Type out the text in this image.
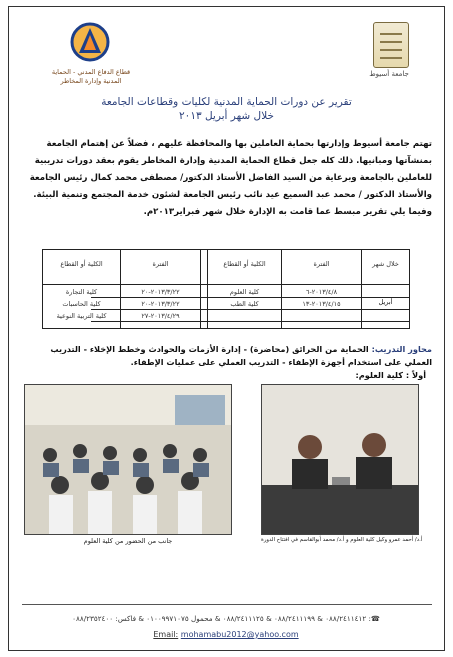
قطاع الدفاع المدني - الحماية
المدنية وإدارة المخاطر
جامعة أسيوط
تقرير عن دورات الحماية المدنية لكليات وقطاعات الجامعة
خلال شهر أبريل ٢٠١٣
تهتم جامعة أسيوط وإدارتها بحماية العاملين بها والمحافظة عليهم ، فضلاً عن إهتمام الجامعة بمنشآتها ومبانيها. ذلك كله جعل قطاع الحماية المدنية وإدارة المخاطر يقوم بعقد دورات تدريبية للعاملين بالجامعة وبرعاية من السيد الفاضل الأستاذ الدكتور/ مصطفى محمد كمال رئيس الجامعة والأستاذ الدكتور / محمد عبد السميع عيد نائب رئيس الجامعة لشئون خدمة المجتمع وتنمية البيئة. وفيما يلي تقرير مبسط عما قامت به الإدارة خلال شهر فبراير٢٠١٣م.
خلال شهر
أبريل
الفترة
٢٠١٣/٤/٨-٦
٢٠١٣/٤/١٥-١٣
الكلية أو القطاع
كلية العلوم
كلية الطب
الفترة
٢٠١٣/٣/٢٢-٢٠
٢٠١٣/٣/٢٢-٢٠
٢٠١٣/٤/٢٩-٢٧
الكلية أو القطاع
كلية التجارة
كلية الحاسبات
كلية التربية النوعية
محاور التدريب: الحماية من الحرائق (محاضرة) - إدارة الأزمات والحوادث وخطط الإخلاء - التدريب العملي على استخدام أجهزة الإطفاء - التدريب العملي على عمليات الإطفاء.
أولاً : كلية العلوم:
جانب من الحضور من كلية العلوم	أ.د/ أحمد عمرو وكيل كلية العلوم و أ.د/ محمد أبوالقاسم في افتتاح الدورة
☎: ٠٨٨/٢٤١١٤١٢ & ٠٨٨/٢٤١١١٩٩ & ٠٨٨/٢٤١١١٢٥ & محمول ٠١٠٠٩٩٧١٠٧٥ & فاكس: ٠٨٨/٢٣٥٢٤٠٠
Email: mohamabu2012@yahoo.com
